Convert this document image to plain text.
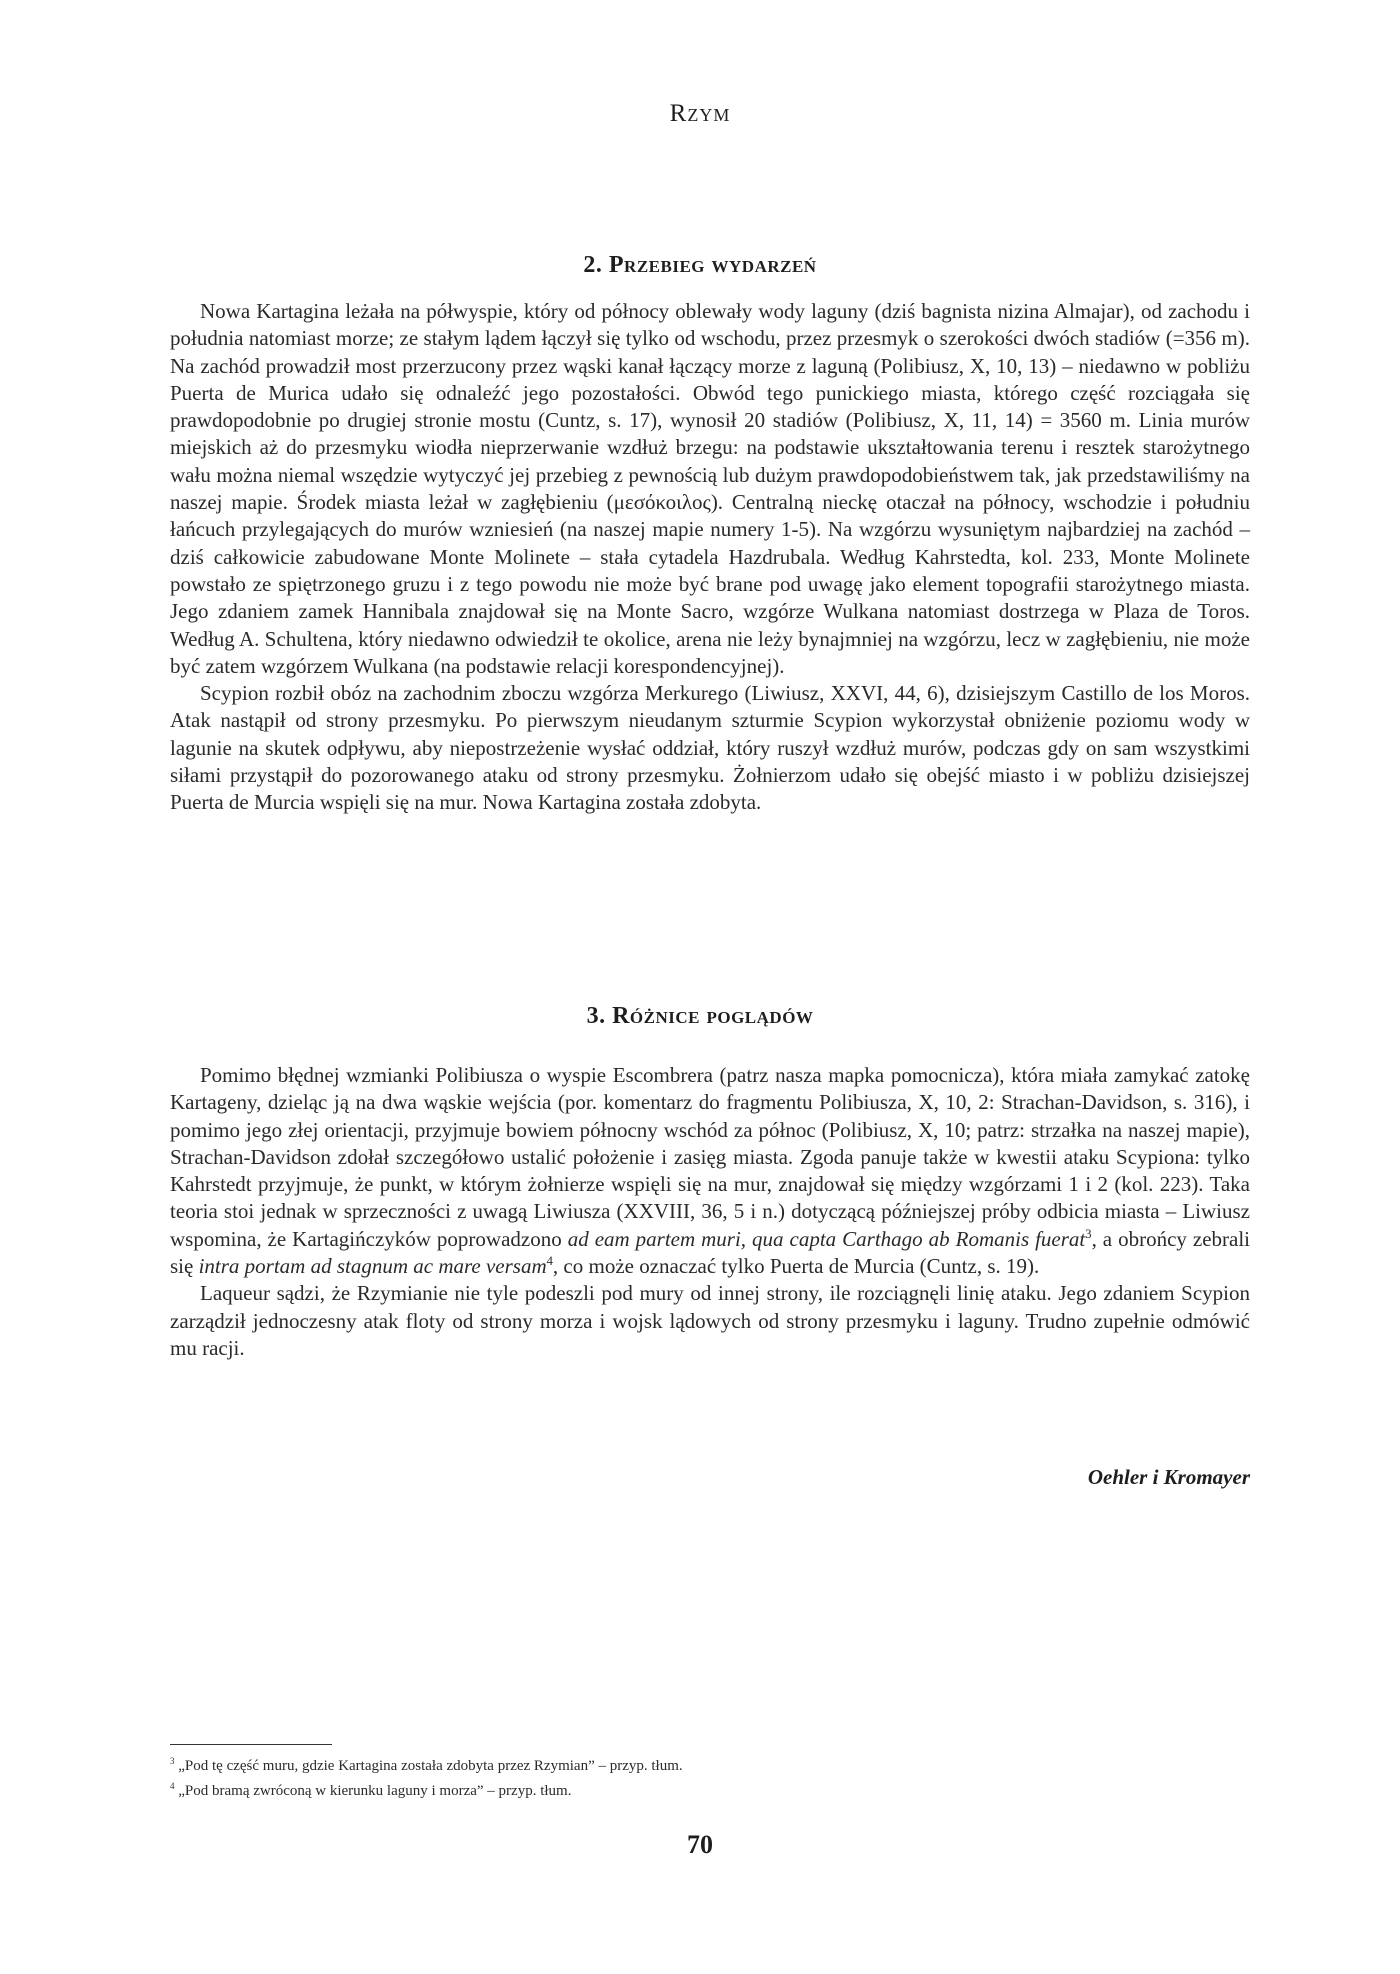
Rzym
2. Przebieg wydarzeń

Nowa Kartagina leżała na półwyspie, który od północy oblewały wody laguny (dziś bagnista nizina Almajar), od zachodu i południa natomiast morze; ze stałym lądem łączył się tylko od wschodu, przez przesmyk o szerokości dwóch stadiów (=356 m). Na zachód prowadził most przerzucony przez wąski kanał łączący morze z laguną (Polibiusz, X, 10, 13) – niedawno w pobliżu Puerta de Murica udało się odnaleźć jego pozostałości. Obwód tego punickiego miasta, którego część rozciągała się prawdopodobnie po drugiej stronie mostu (Cuntz, s. 17), wynosił 20 stadiów (Polibiusz, X, 11, 14) = 3560 m. Linia murów miejskich aż do przesmyku wiodła nieprzerwanie wzdłuż brzegu: na podstawie ukształtowania terenu i resztek starożytnego wału można niemal wszędzie wytyczyć jej przebieg z pewnością lub dużym prawdopodobieństwem tak, jak przedstawiliśmy na naszej mapie. Środek miasta leżał w zagłębieniu (μεσόκοιλος). Centralną nieckę otaczał na północy, wschodzie i południu łańcuch przylegających do murów wzniesień (na naszej mapie numery 1-5). Na wzgórzu wysuniętym najbardziej na zachód – dziś całkowicie zabudowane Monte Molinete – stała cytadela Hazdrubala. Według Kahrstedta, kol. 233, Monte Molinete powstało ze spiętrzonego gruzu i z tego powodu nie może być brane pod uwagę jako element topografii starożytnego miasta. Jego zdaniem zamek Hannibala znajdował się na Monte Sacro, wzgórze Wulkana natomiast dostrzega w Plaza de Toros. Według A. Schultena, który niedawno odwiedził te okolice, arena nie leży bynajmniej na wzgórzu, lecz w zagłębieniu, nie może być zatem wzgórzem Wulkana (na podstawie relacji korespondencyjnej).

Scypion rozbił obóz na zachodnim zboczu wzgórza Merkurego (Liwiusz, XXVI, 44, 6), dzisiejszym Castillo de los Moros. Atak nastąpił od strony przesmyku. Po pierwszym nieudanym szturmie Scypion wykorzystał obniżenie poziomu wody w lagunie na skutek odpływu, aby niepostrzeżenie wysłać oddział, który ruszył wzdłuż murów, podczas gdy on sam wszystkimi siłami przystąpił do pozorowanego ataku od strony przesmyku. Żołnierzom udało się obejść miasto i w pobliżu dzisiejszej Puerta de Murcia wspięli się na mur. Nowa Kartagina została zdobyta.

3. Różnice poglądów

Pomimo błędnej wzmianki Polibiusza o wyspie Escombrera (patrz nasza mapka pomocnicza), która miała zamykać zatokę Kartageny, dzieląc ją na dwa wąskie wejścia (por. komentarz do fragmentu Polibiusza, X, 10, 2: Strachan-Davidson, s. 316), i pomimo jego złej orientacji, przyjmuje bowiem północny wschód za północ (Polibiusz, X, 10; patrz: strzałka na naszej mapie), Strachan-Davidson zdołał szczegółowo ustalić położenie i zasięg miasta. Zgoda panuje także w kwestii ataku Scypiona: tylko Kahrstedt przyjmuje, że punkt, w którym żołnierze wspięli się na mur, znajdował się między wzgórzami 1 i 2 (kol. 223). Taka teoria stoi jednak w sprzeczności z uwagą Liwiusza (XXVIII, 36, 5 i n.) dotyczącą późniejszej próby odbicia miasta – Liwiusz wspomina, że Kartagińczyków poprowadzono ad eam partem muri, qua capta Carthago ab Romanis fuerat$^3$, a obrońcy zebrali się intra portam ad stagnum ac mare versam$^4$, co może oznaczać tylko Puerta de Murcia (Cuntz, s. 19).

Laqueur sądzi, że Rzymianie nie tyle podeszli pod mury od innej strony, ile rozciągnęli linię ataku. Jego zdaniem Scypion zarządził jednoczesny atak floty od strony morza i wojsk lądowych od strony przesmyku i laguny. Trudno zupełnie odmówić mu racji.

Oehler i Kromayer

$^3$ „Pod tę część muru, gdzie Kartagina została zdobyta przez Rzymian” – przyp. tłum.

$^4$ „Pod bramą zwróconą w kierunku laguny i morza” – przyp. tłum.

70
